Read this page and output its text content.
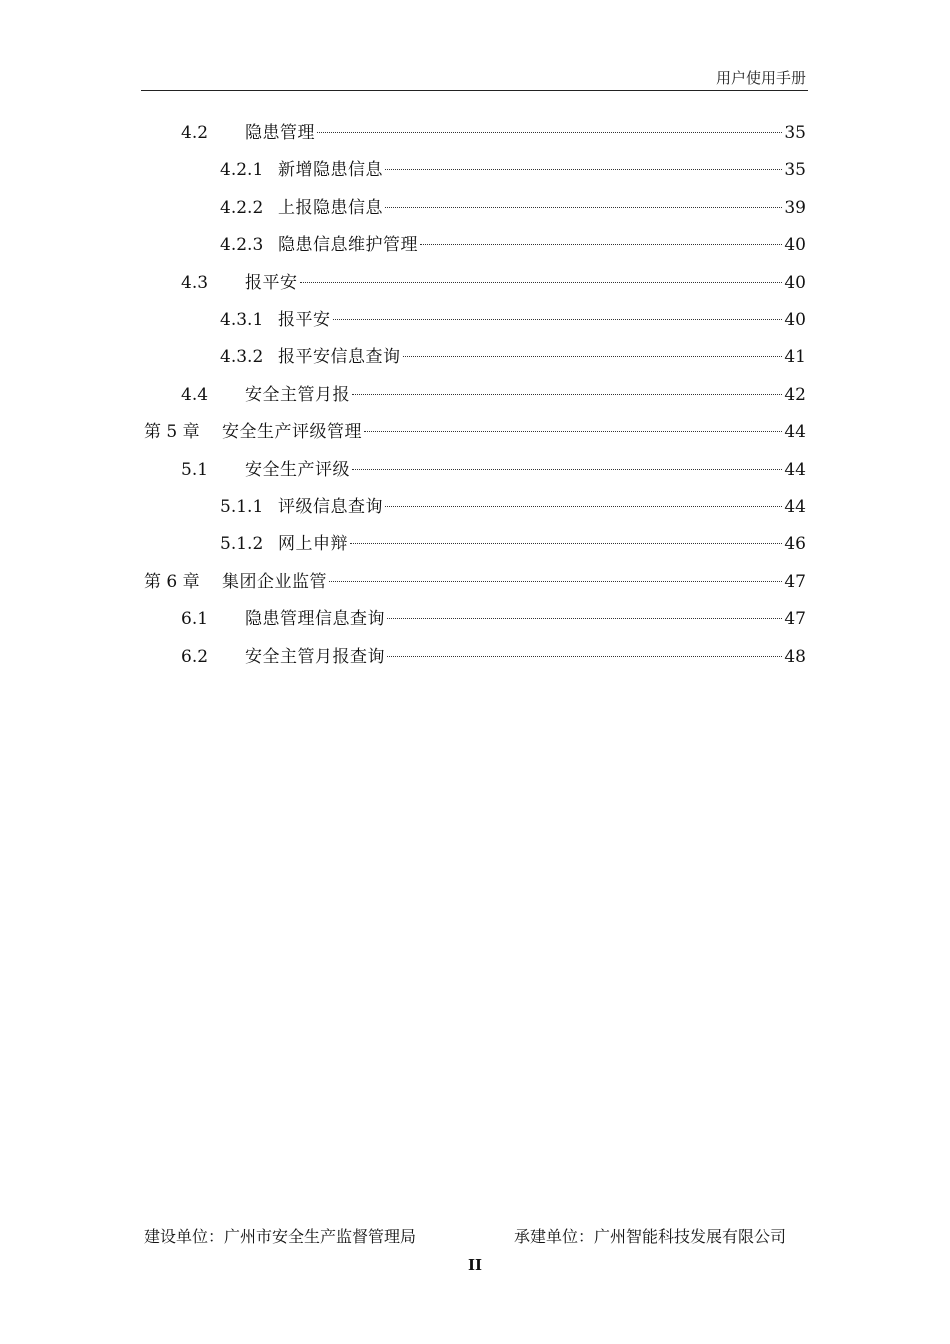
用户使用手册
4.2	隐患管理	35
4.2.1 新增隐患信息	35
4.2.2 上报隐患信息	39
4.2.3 隐患信息维护管理	40
4.3	报平安	40
4.3.1 报平安	40
4.3.2 报平安信息查询	41
4.4	安全主管月报	42
第 5 章	安全生产评级管理	44
5.1	安全生产评级	44
5.1.1 评级信息查询	44
5.1.2 网上申辩	46
第 6 章	集团企业监管	47
6.1	隐患管理信息查询	47
6.2	安全主管月报查询	48
建设单位：广州市安全生产监督管理局	承建单位：广州智能科技发展有限公司
II
